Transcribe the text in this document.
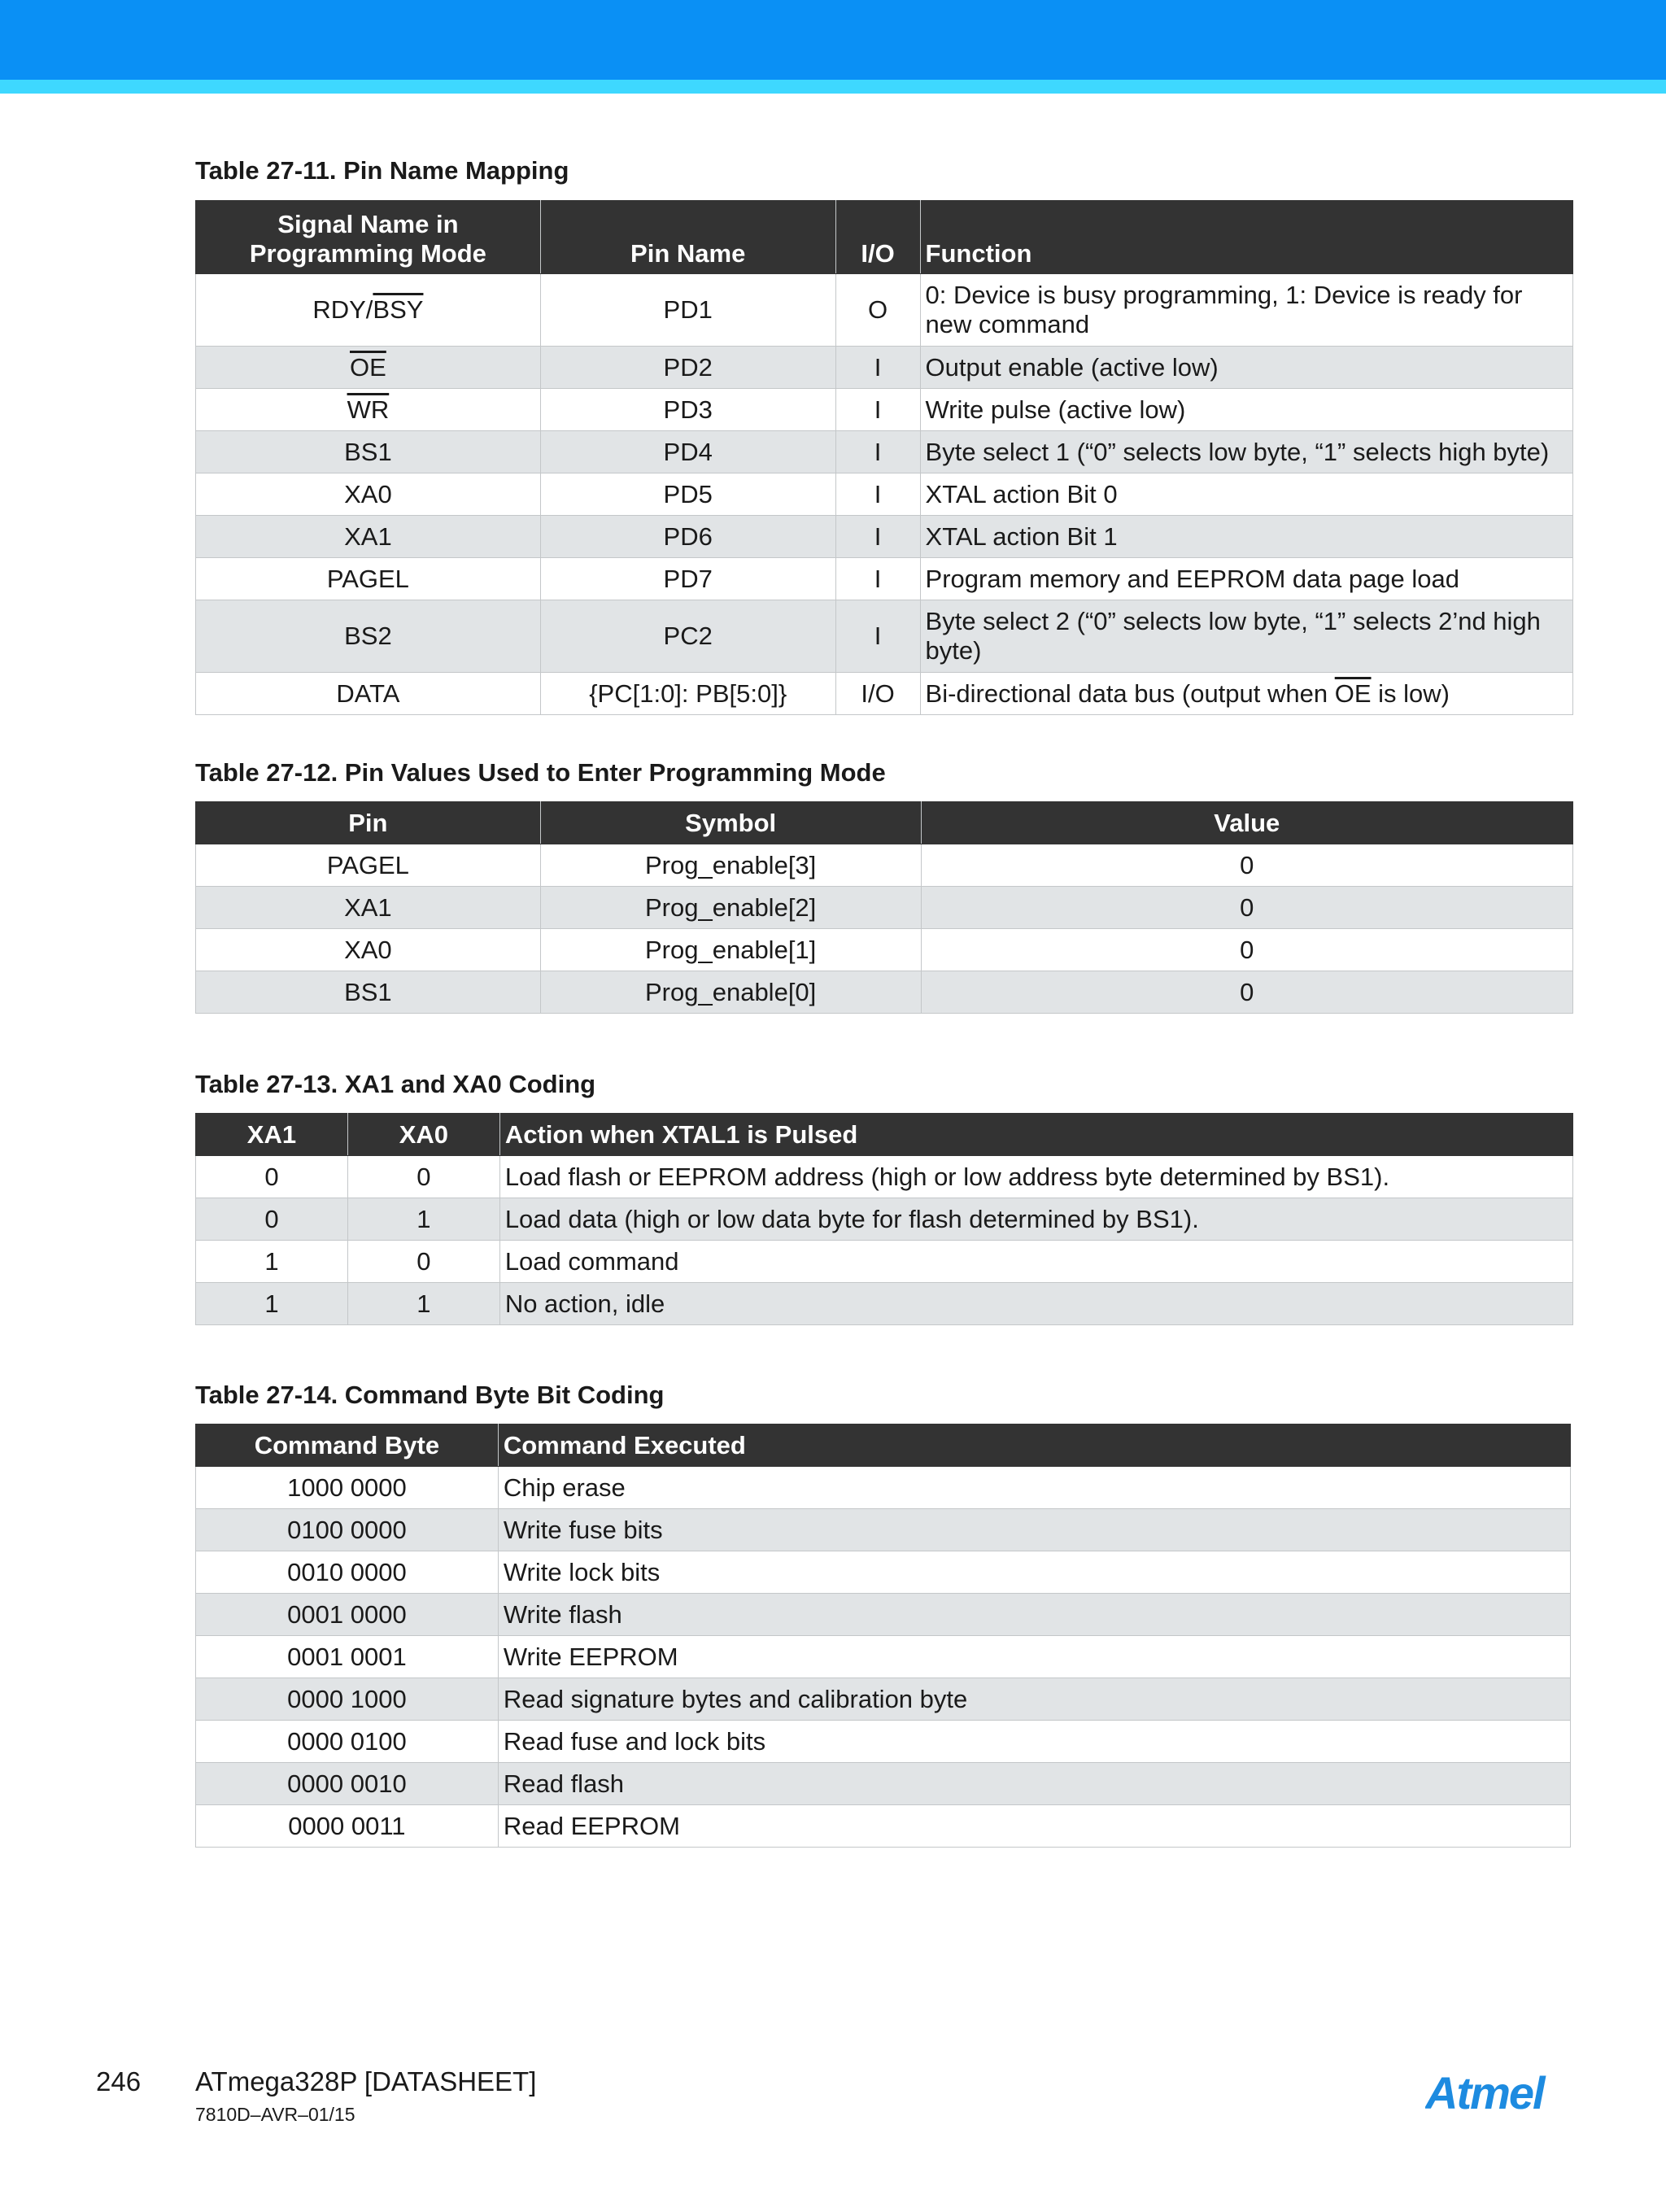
Table 27-11. Pin Name Mapping

Signal Name in Programming Mode	Pin Name	I/O	Function
RDY/$\overline{BSY}$	PD1	O	0: Device is busy programming, 1: Device is ready for new command
$\overline{OE}$	PD2	I	Output enable (active low)
$\overline{WR}$	PD3	I	Write pulse (active low)
BS1	PD4	I	Byte select 1 (“0” selects low byte, “1” selects high byte)
XA0	PD5	I	XTAL action Bit 0
XA1	PD6	I	XTAL action Bit 1
PAGEL	PD7	I	Program memory and EEPROM data page load
BS2	PC2	I	Byte select 2 (“0” selects low byte, “1” selects 2’nd high byte)
DATA	{PC[1:0]: PB[5:0]}	I/O	Bi-directional data bus (output when $\overline{OE}$ is low)

Table 27-12. Pin Values Used to Enter Programming Mode

Pin	Symbol	Value
PAGEL	Prog_enable[3]	0
XA1	Prog_enable[2]	0
XA0	Prog_enable[1]	0
BS1	Prog_enable[0]	0

Table 27-13. XA1 and XA0 Coding

XA1	XA0	Action when XTAL1 is Pulsed
0	0	Load flash or EEPROM address (high or low address byte determined by BS1).
0	1	Load data (high or low data byte for flash determined by BS1).
1	0	Load command
1	1	No action, idle

Table 27-14. Command Byte Bit Coding

Command Byte	Command Executed
1000 0000	Chip erase
0100 0000	Write fuse bits
0010 0000	Write lock bits
0001 0000	Write flash
0001 0001	Write EEPROM
0000 1000	Read signature bytes and calibration byte
0000 0100	Read fuse and lock bits
0000 0010	Read flash
0000 0011	Read EEPROM
246 ATmega328P [DATASHEET]
7810D–AVR–01/15	Atmel
